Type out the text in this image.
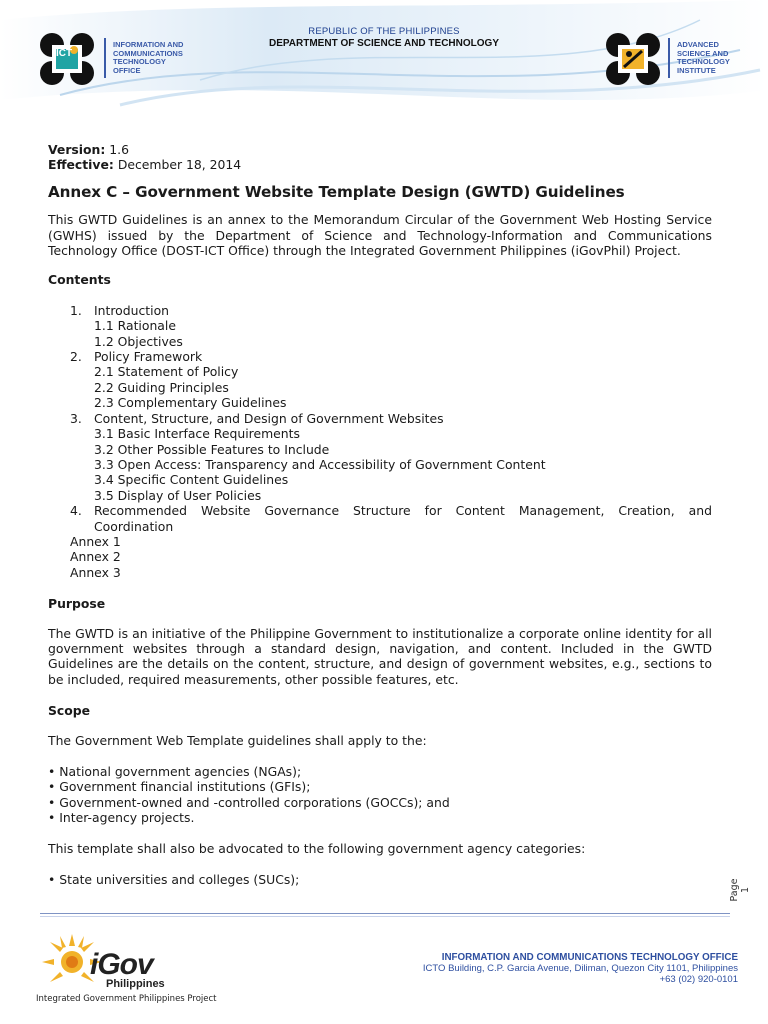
REPUBLIC OF THE PHILIPPINES
DEPARTMENT OF SCIENCE AND TECHNOLOGY
ICT
INFORMATION AND
COMMUNICATIONS
TECHNOLOGY
OFFICE
ADVANCED
SCIENCE AND
TECHNOLOGY
INSTITUTE
Version: 1.6
Effective: December 18, 2014
Annex C – Government Website Template Design (GWTD) Guidelines

This GWTD Guidelines is an annex to the Memorandum Circular of the Government Web Hosting Service (GWHS) issued by the Department of Science and Technology-Information and Communications Technology Office (DOST-ICT Office) through the Integrated Government Philippines (iGovPhil) Project.

Contents
1. Introduction
1.1 Rationale
1.2 Objectives
2. Policy Framework
2.1 Statement of Policy
2.2 Guiding Principles
2.3 Complementary Guidelines
3. Content, Structure, and Design of Government Websites
3.1 Basic Interface Requirements
3.2 Other Possible Features to Include
3.3 Open Access: Transparency and Accessibility of Government Content
3.4 Specific Content Guidelines
3.5 Display of User Policies
4. Recommended Website Governance Structure for Content Management, Creation, and Coordination
Annex 1
Annex 2
Annex 3
Purpose

The GWTD is an initiative of the Philippine Government to institutionalize a corporate online identity for all government websites through a standard design, navigation, and content. Included in the GWTD Guidelines are the details on the content, structure, and design of government websites, e.g., sections to be included, required measurements, other possible features, etc.

Scope

The Government Web Template guidelines shall apply to the:

• National government agencies (NGAs);
• Government financial institutions (GFIs);
• Government-owned and -controlled corporations (GOCCs); and
• Inter-agency projects.

This template shall also be advocated to the following government agency categories:

• State universities and colleges (SUCs);	Page 1
iGov
Philippines
Integrated Government Philippines Project
INFORMATION AND COMMUNICATIONS TECHNOLOGY OFFICE
ICTO Building, C.P. Garcia Avenue, Diliman, Quezon City 1101, Philippines
+63 (02) 920-0101
